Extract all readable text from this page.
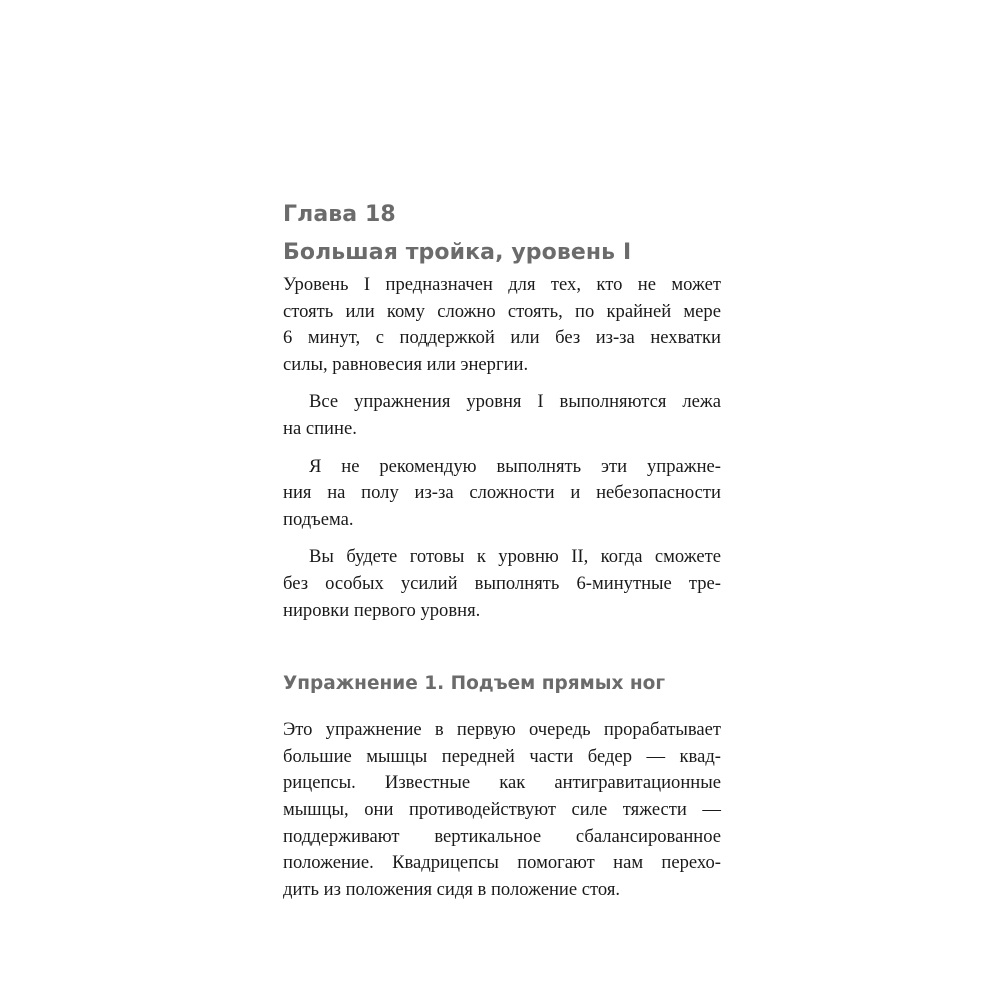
Глава 18
Большая тройка, уровень I

Уровень I предназначен для тех, кто не может
стоять или кому сложно стоять, по крайней мере
6 минут, с поддержкой или без из-за нехватки
силы, равновесия или энергии.

Все упражнения уровня I выполняются лежа
на спине.

Я не рекомендую выполнять эти упражне-
ния на полу из-за сложности и небезопасности
подъема.

Вы будете готовы к уровню II, когда сможете
без особых усилий выполнять 6-минутные тре-
нировки первого уровня.

Упражнение 1. Подъем прямых ног

Это упражнение в первую очередь прорабатывает
большие мышцы передней части бедер — квад-
рицепсы. Известные как антигравитационные
мышцы, они противодействуют силе тяжести —
поддерживают вертикальное сбалансированное
положение. Квадрицепсы помогают нам перехо-
дить из положения сидя в положение стоя.
